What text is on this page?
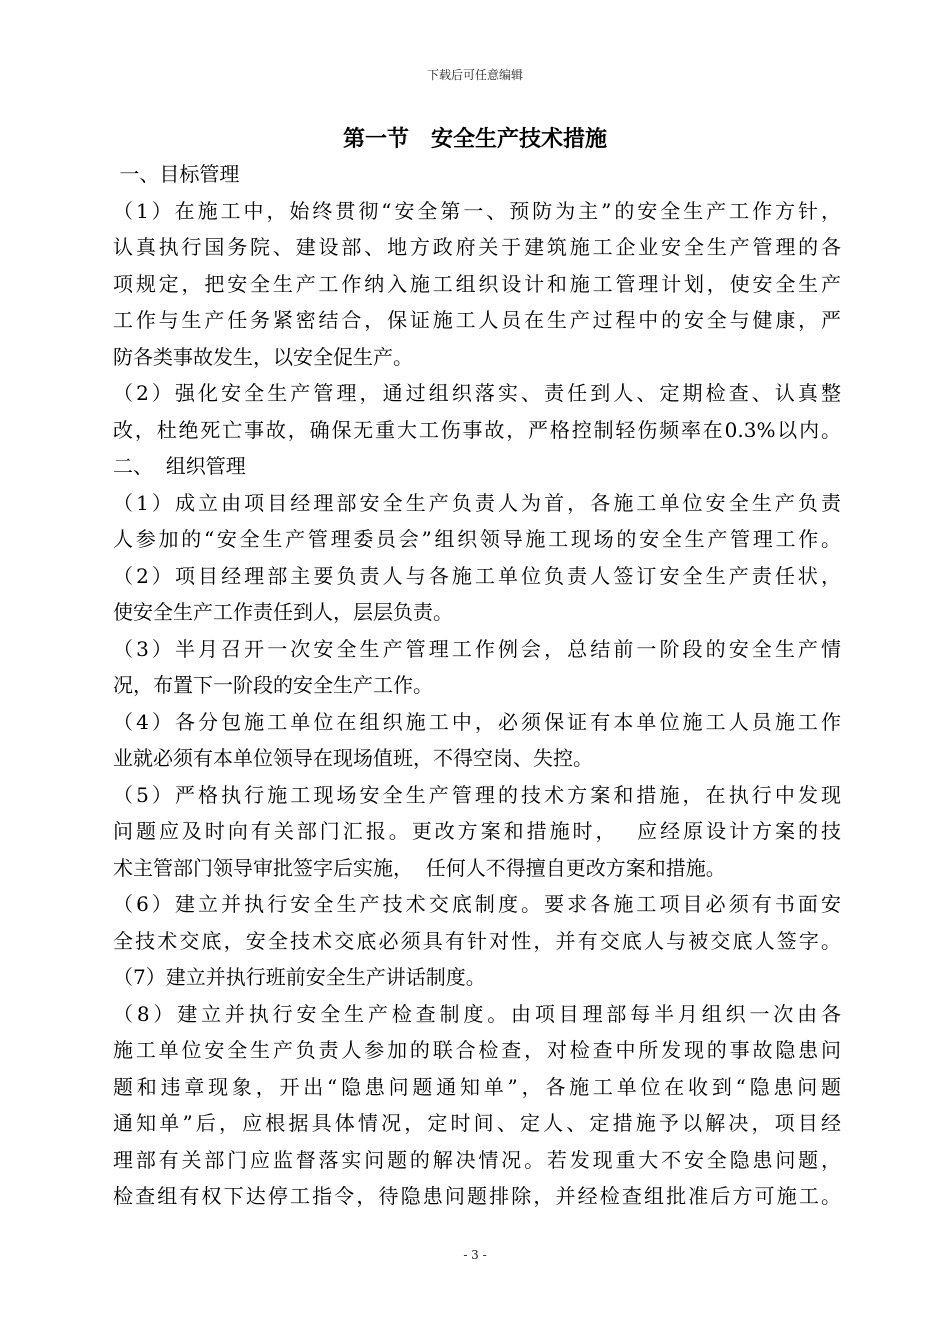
下载后可任意编辑
第一节　安全生产技术措施
一、目标管理
（1）在施工中，始终贯彻“安全第一、预防为主”的安全生产工作方针，
认真执行国务院、建设部、地方政府关于建筑施工企业安全生产管理的各
项规定，把安全生产工作纳入施工组织设计和施工管理计划，使安全生产
工作与生产任务紧密结合，保证施工人员在生产过程中的安全与健康，严
防各类事故发生，以安全促生产。
（2）强化安全生产管理，通过组织落实、责任到人、定期检查、认真整
改，杜绝死亡事故，确保无重大工伤事故，严格控制轻伤频率在0.3%以内。
二、  组织管理
（1）成立由项目经理部安全生产负责人为首，各施工单位安全生产负责
人参加的“安全生产管理委员会”组织领导施工现场的安全生产管理工作。
（2）项目经理部主要负责人与各施工单位负责人签订安全生产责任状，
使安全生产工作责任到人，层层负责。
（3）半月召开一次安全生产管理工作例会，总结前一阶段的安全生产情
况，布置下一阶段的安全生产工作。
（4）各分包施工单位在组织施工中，必须保证有本单位施工人员施工作
业就必须有本单位领导在现场值班，不得空岗、失控。
（5）严格执行施工现场安全生产管理的技术方案和措施，在执行中发现
问题应及时向有关部门汇报。更改方案和措施时，  应经原设计方案的技
术主管部门领导审批签字后实施，  任何人不得擅自更改方案和措施。
（6）建立并执行安全生产技术交底制度。要求各施工项目必须有书面安
全技术交底，安全技术交底必须具有针对性，并有交底人与被交底人签字。
（7）建立并执行班前安全生产讲话制度。
（8）建立并执行安全生产检查制度。由项目理部每半月组织一次由各
施工单位安全生产负责人参加的联合检查，对检查中所发现的事故隐患问
题和违章现象，开出“隐患问题通知单”，各施工单位在收到“隐患问题
通知单”后，应根据具体情况，定时间、定人、定措施予以解决，项目经
理部有关部门应监督落实问题的解决情况。若发现重大不安全隐患问题，
检查组有权下达停工指令，待隐患问题排除，并经检查组批准后方可施工。
- 3 -
